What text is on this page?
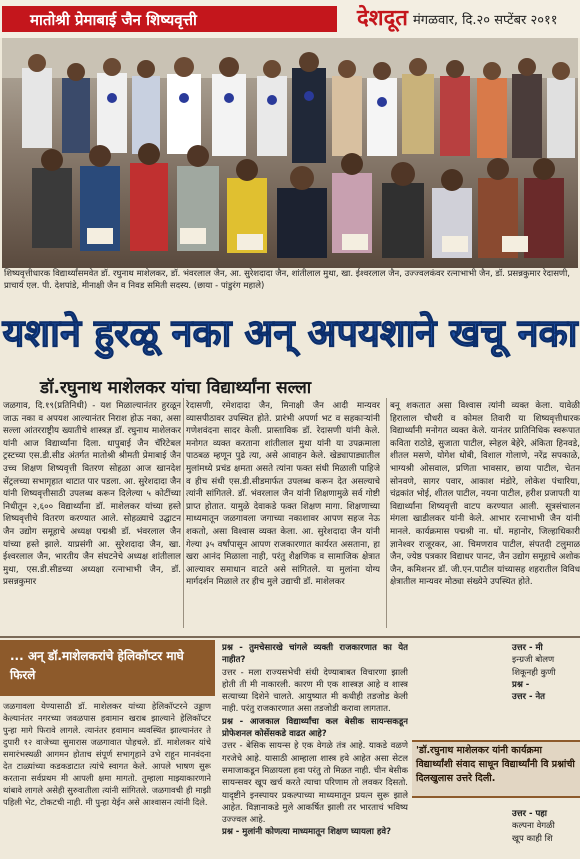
मातोश्री प्रेमाबाई जैन शिष्यवृत्ती	देशदूत मंगळवार, दि.२० सप्टेंबर २०११
शिष्यवृत्तीधारक विद्यार्थ्यांसमवेत डॉ. रघुनाथ माशेलकर, डॉ. भंवरलाल जैन, आ. सुरेशदादा जैन, शांतीलाल मुथा, खा. ईश्वरलाल जैन, उज्ज्वलकंवर रत्नाभाभी जैन, डॉ. प्रसन्नकुमार रेदासणी, प्राचार्य एल. पी. देशपांडे, मीनाक्षी जैन व निवड समिती सदस्य. (छाया - पांडुरंग महाले)
यशाने हुरळू नका अन् अपयशाने खचू नका
डॉ.रघुनाथ माशेलकर यांचा विद्यार्थ्यांना सल्ला
जळगाव, दि.१९(प्रतिनिधी) - यश मिळाल्यानंतर हुरळून जाऊ नका व अपयश आल्यानंतर निराश होऊ नका, असा सल्ला आंतरराष्ट्रीय ख्यातीचे शास्त्रज्ञ डॉ. रघुनाथ माशेलकर यांनी आज विद्यार्थ्यांना दिला. धापुबाई जैन चॅरिटेबल ट्रस्टच्या एस.डी.सीड अंतर्गत मातोश्री श्रीमती प्रेमाबाई जैन उच्च शिक्षण शिष्यवृत्ती वितरण सोहळा आज खानदेश सेंट्रलच्या सभागृहात थाटात पार पडला. आ. सुरेशदादा जैन यांनी शिष्यवृत्तीसाठी उपलब्ध करून दिलेल्या ५ कोटींच्या निधीतून २,६०० विद्यार्थ्यांना डॉ. माशेलकर यांच्या हस्ते शिष्यवृत्तीचे वितरण करण्यात आले. सोहळ्याचे उद्घाटन जैन उद्योग समूहाचे अध्यक्ष पद्मश्री डॉ. भंवरलाल जैन यांच्या हस्ते झाले. याप्रसंगी आ. सुरेशदादा जैन, खा. ईश्वरलाल जैन, भारतीय जैन संघटनेचे अध्यक्ष शांतीलाल मुथा, एस.डी.सीडच्या अध्यक्षा रत्नाभाभी जैन, डॉ. प्रसन्नकुमार
रेदासणी, रमेशदादा जैन, मिनाक्षी जैन आदी मान्यवर व्यासपीठावर उपस्थित होते. प्रारंभी अपर्णा भट व सहकाऱ्यांनी गणेशवंदना सादर केली. प्रास्ताविक डॉ. रेदासणी यांनी केले. मनोगत व्यक्त करताना शांतीलाल मुथा यांनी या उपक्रमाला पाठबळ म्हणून पुढे त्या, असे आवाहन केले. खेड्यापाड्यातील मुलांमध्ये प्रचंड क्षमता असते त्यांना फक्त संधी मिळाली पाहिजे व हीच संधी एस.डी.सीडमार्फत उपलब्ध करून देत असल्याचे त्यांनी सांगितले. डॉ. भंवरलाल जैन यांनी शिक्षणामुळे सर्व गोष्टी प्राप्त होतात. यामुळे देवाकडे फक्त शिक्षण मागा. शिक्षणाच्या माध्यमातून जळगावला जगाच्या नकाशावर आपण सहज नेऊ शकतो, असा विश्वास व्यक्त केला. आ. सुरेशदादा जैन यांनी गेल्या ३५ वर्षांपासून आपण राजकारणात कार्यरत असताना, हा खरा आनंद मिळाला नाही, परंतु शैक्षणिक व सामाजिक क्षेत्रात आल्यावर समाधान वाटते असे सांगितले. या मुलांना योग्य मार्गदर्शन मिळाले तर हीच मुले उद्याची डॉ. माशेलकर
बनू शकतात असा विश्वास त्यांनी व्यक्त केला. यावेळी हिरालाल चौधरी व कोमल तिवारी या शिष्यवृत्तीधारक विद्यार्थ्यांनी मनोगत व्यक्त केले. यानंतर प्रातिनिधिक स्वरूपात कविता राठोडे, सुजाता पाटील, स्नेहल बेहेरे, अंकिता हिनवडे, शीतल मसणे, योगेश धोबी, विशाल गोलाणे, नरेंद्र सपकाळे, भाग्यश्री ओसवाल, प्रणिता भावसार, छाया पाटील, चेतन सोनवणे, सागर पवार, आकाश मंडोरे, लोकेश पंचारिया, चंद्रकांत भोई, शीतल पाटील, नयना पाटील, हरीश प्रजापती या विद्यार्थ्यांना शिष्यवृत्ती वाटप करण्यात आली. सूत्रसंचालन मंगला खाडीलकर यांनी केले. आभार रत्नाभाभी जैन यांनी मानले. कार्यक्रमास पद्मश्री ना. धों. महानोर, जिल्हाधिकारी ज्ञानेश्वर राजूरकर, आ. चिमणराव पाटील, संपतदी टलुमाळ जैन, ज्येष्ठ पत्रकार विद्याधर पानट, जैन उद्योग समूहाचे अशोक जैन, कमिशनर डॉ. जी.एन.पाटील यांच्यासह शहरातील विविध क्षेत्रातील मान्यवर मोठ्या संख्येने उपस्थित होते.
... अन् डॉ.माशेलकरांचे हेलिकॉप्टर माघे फिरले
जळगावला येण्यासाठी डॉ. माशेलकर यांच्या हेलिकॉप्टरने उड्डाण केल्यानंतर नगरच्या जवळपास हवामान खराब झाल्याने हेलिकॉप्टर पुन्हा मागे फिरावे लागले. त्यानंतर हवामान व्यवस्थित झाल्यानंतर ते दुपारी १२ वाजेच्या सुमारास जळगावात पोहचले. डॉ. माशेलकर यांचे समारंभस्थळी आगमन होताच संपूर्ण सभागृहाने उभे राहून मानवंदना देत टाळ्यांच्या कडकडाटात त्यांचे स्वागत केले. आपले भाषण सुरू करताना सर्वप्रथम मी आपली क्षमा मागतो. तुम्हाला माझ्याकारणाने थांबावे लागले असेही सुरुवातीला त्यांनी सांगितले. जळगावची ही माझी पहिली भेट, टोकटची नाही. मी पुन्हा येईन असे आश्वासन त्यांनी दिले.
प्रश्न - तुमचेसारखे चांगले व्यक्ती राजकारणात का येत नाहीत?
उत्तर - मला राज्यसभेची संधी देण्याबाबत विचारणा झाली होती ती मी नाकारली. कारण मी एक शास्त्रज्ञ आहे व शास्त्र सत्याच्या दिशेने चालते. आयुष्यात मी कधीही तडजोड केली नाही. परंतु राजकारणात असा तडजोडी करावा लागतात.
प्रश्न - आजकाल विद्यार्थ्यांचा कल बेसीक सायन्सकडून प्रोफेशनल कोर्सेसकडे वाढत आहे?
उत्तर - बेसिक सायन्स हे एक वेगळे तंत्र आहे. याकडे वळणे गरजेचे आहे. यासाठी आम्हाला शास्त्र हवे आहेत असा सेटल समाजाकडून मिळायला हवा परंतु तो मिळत नाही. चीन बेसीक सायन्सवर खूप खर्च करते त्याचा परिणाम तो लवकर दिसतो. यादृष्टीने इनस्पायर प्रकल्पाच्या माध्यमातून प्रयत्न सुरू झाले आहेत. विज्ञानाकडे मुले आकर्षित झाली तर भारताचं भविष्य उज्ज्वल आहे.
प्रश्न - मुलांनी कोणत्या माध्यमातून शिक्षण घ्यायला हवे?
उत्तर - मी
इन्ग्रजी बोलण
शिकूनही कुणी
प्रश्न -
उत्तर - नेत
'डॉ.रघुनाथ माशेलकर यांनी कार्यक्रमा विद्यार्थ्यांशी संवाद साधून विद्यार्थ्यांनी वि प्रश्नांची दिलखुलास उत्तरे दिली.
उत्तर - पहा
कल्पना वेगळी
खूप काही शि
